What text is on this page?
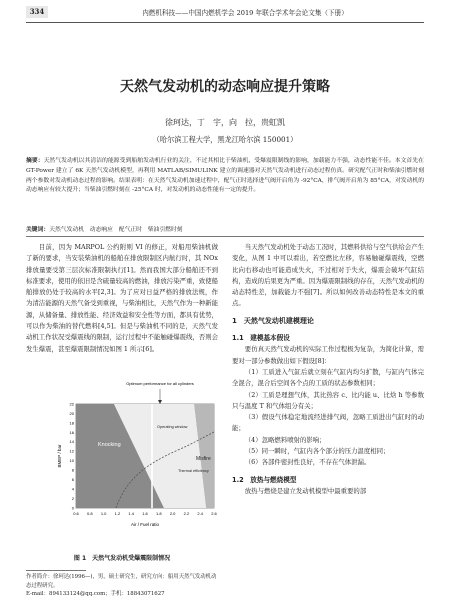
334	内燃机科技——中国内燃机学会 2019 年联合学术年会论文集（下册）
天然气发动机的动态响应提升策略
徐珂达，丁　宇，向　拉，贵虹凯
（哈尔滨工程大学，黑龙江哈尔滨 150001）
摘要：天然气发动机以其清洁的能源受到船舶发动机行业的关注，不过其相比于柴油机，受爆震限制线的影响，加载能力不强，动态性能不佳。本文首先在 GT-Power 建立了 6K 天然气发动机模型，再利用 MATLAB/SIMULINK 建立的调速器对天然气发动机进行动态过程仿真。研究配气正时和柴油引燃时刻两个参数对发动机动态过程的影响。结果表明：在天然气发动机加速过程中，配气正时选择进气阀开启角为 -92°CA，排气阀开启角为 85°CA，对发动机的动态响应有较大提升；当柴油引燃时刻在 -25°CA 时，对发动机的动态性能有一定的提升。
关键词：天然气发动机　动态响应　配气正时　柴油引燃时刻
目前，因为 MARPOL 公约附则 VI 的修正，对船用柴油机做了新的要求，当安装柴油机的船舶在排放限制区内航行时，其 NOx 排放量要受第三层次标准限制执行[1]。然而我国大部分船舶还不到标准要求，使用的依旧是含硫量较高的燃油，排放污染严重，致使船舶排放仍处于较高的水平[2,3]。为了应对日益严格的排放法规，作为清洁能源的天然气备受到重视，与柴油相比，天然气作为一种新能源，从储备量、排放性能、经济效益和安全性等方面，都具有优势，可以作为柴油的替代燃料[4,5]。但是与柴油机不同的是，天然气发动机工作状况受爆震线的限制，运行过程中不能触碰爆震线，否则会发生爆震，甚至爆震限制情况如图 1 所示[6]。
Optimum performance for all cylinders
Knocking
Misfire
Operating window
Thermal efficiency
0.6 0.8 1.0 1.2 1.4 1.6 1.8 2.0 2.2 2.4 2.6
0
2
4
6
8
10
12
14
16
18
20
22
Air / Fuel ratio
BMEP / bar
图 1　天然气发动机受爆震限制情况
作者简介：徐珂达(1996—)，男，硕士研究生，研究方向：船用天然气发动机动态过程研究。
E-mail：894133124@qq.com；手机：18843071627
当天然气发动机处于动态工况时，其燃料供给与空气供给会产生变化，从图 1 中可以看出，若空燃比左移，容易触碰爆震线，空燃比向右移动也可能造成失火，不过相对于失火，爆震会破坏气缸结构，造成的后果更为严重。因为爆震限制线的存在，天然气发动机的动态特性差，加载能力不强[7]。所以如何改善动态特性是本文的重点。
1　天然气发动机建模理论
1.1　建模基本假设
要仿真天然气发动机的实际工作过程极为复杂，为简化计算，需要对一部分参数做出如下假设[8]：
（1）工质进入气缸后就立刻在气缸内均匀扩散，与缸内气体完全混合，混合后空间各个点的工质的状态参数相同；
（2）工质是理想气体，其比热容 c、比内能 u、比焓 h 等参数只与温度 T 和气体组分有关；
（3）假设气体稳定地流经进排气阀，忽略工质进出气缸时的动能；
（4）忽略燃料喷射的影响；
（5）同一瞬时，气缸内各个部分的压力温度相同；
（6）各部件密封性良好，不存在气体泄漏。
1.2　放热与燃烧模型
放热与燃烧是建立发动机模型中最重要的部
